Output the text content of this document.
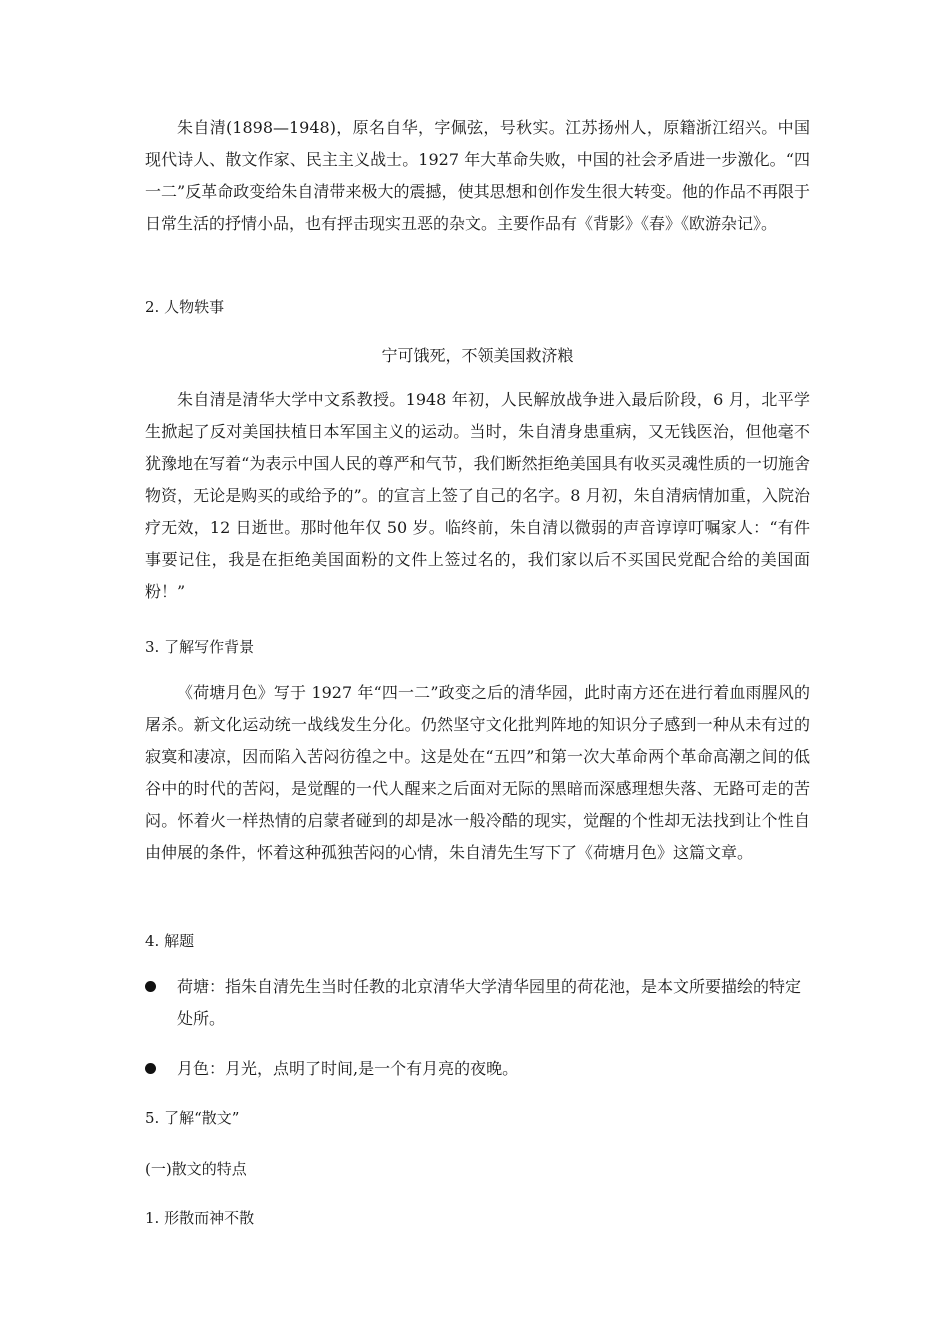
朱自清(1898—1948)，原名自华，字佩弦，号秋实。江苏扬州人，原籍浙江绍兴。中国现代诗人、散文作家、民主主义战士。1927 年大革命失败，中国的社会矛盾进一步激化。“四一二”反革命政变给朱自清带来极大的震撼，使其思想和创作发生很大转变。他的作品不再限于日常生活的抒情小品，也有抨击现实丑恶的杂文。主要作品有《背影》《春》《欧游杂记》。

2. 人物轶事

宁可饿死，不领美国救济粮

朱自清是清华大学中文系教授。1948 年初，人民解放战争进入最后阶段，6 月，北平学生掀起了反对美国扶植日本军国主义的运动。当时，朱自清身患重病，又无钱医治，但他毫不犹豫地在写着“为表示中国人民的尊严和气节，我们断然拒绝美国具有收买灵魂性质的一切施舍物资，无论是购买的或给予的”。的宣言上签了自己的名字。8 月初，朱自清病情加重，入院治疗无效，12 日逝世。那时他年仅 50 岁。临终前，朱自清以微弱的声音谆谆叮嘱家人：“有件事要记住，我是在拒绝美国面粉的文件上签过名的，我们家以后不买国民党配合给的美国面粉！”

3. 了解写作背景

《荷塘月色》写于 1927 年“四一二”政变之后的清华园，此时南方还在进行着血雨腥风的屠杀。新文化运动统一战线发生分化。仍然坚守文化批判阵地的知识分子感到一种从未有过的寂寞和凄凉，因而陷入苦闷彷徨之中。这是处在“五四”和第一次大革命两个革命高潮之间的低谷中的时代的苦闷，是觉醒的一代人醒来之后面对无际的黑暗而深感理想失落、无路可走的苦闷。怀着火一样热情的启蒙者碰到的却是冰一般冷酷的现实，觉醒的个性却无法找到让个性自由伸展的条件，怀着这种孤独苦闷的心情，朱自清先生写下了《荷塘月色》这篇文章。

4. 解题

荷塘：指朱自清先生当时任教的北京清华大学清华园里的荷花池，是本文所要描绘的特定处所。
月色：月光，点明了时间,是一个有月亮的夜晚。

5. 了解“散文”

(一)散文的特点

1. 形散而神不散
